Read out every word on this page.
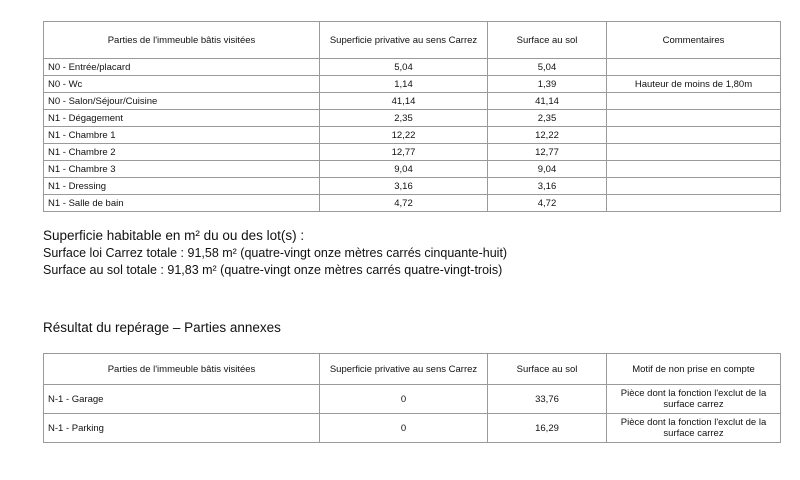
Parties de l'immeuble bâtis visitées	Superficie privative au sens Carrez	Surface au sol	Commentaires
N0 - Entrée/placard	5,04	5,04	
N0 - Wc	1,14	1,39	Hauteur de moins de 1,80m
N0 - Salon/Séjour/Cuisine	41,14	41,14	
N1 - Dégagement	2,35	2,35	
N1 - Chambre 1	12,22	12,22	
N1 - Chambre 2	12,77	12,77	
N1 - Chambre 3	9,04	9,04	
N1 - Dressing	3,16	3,16	
N1 - Salle de bain	4,72	4,72	
Superficie habitable en m² du ou des lot(s) :
Surface loi Carrez totale : 91,58 m² (quatre-vingt onze mètres carrés cinquante-huit)
Surface au sol totale : 91,83 m² (quatre-vingt onze mètres carrés quatre-vingt-trois)
Résultat du repérage – Parties annexes
Parties de l'immeuble bâtis visitées	Superficie privative au sens Carrez	Surface au sol	Motif de non prise en compte
N-1 - Garage	0	33,76	Pièce dont la fonction l'exclut de la surface carrez
N-1 - Parking	0	16,29	Pièce dont la fonction l'exclut de la surface carrez
